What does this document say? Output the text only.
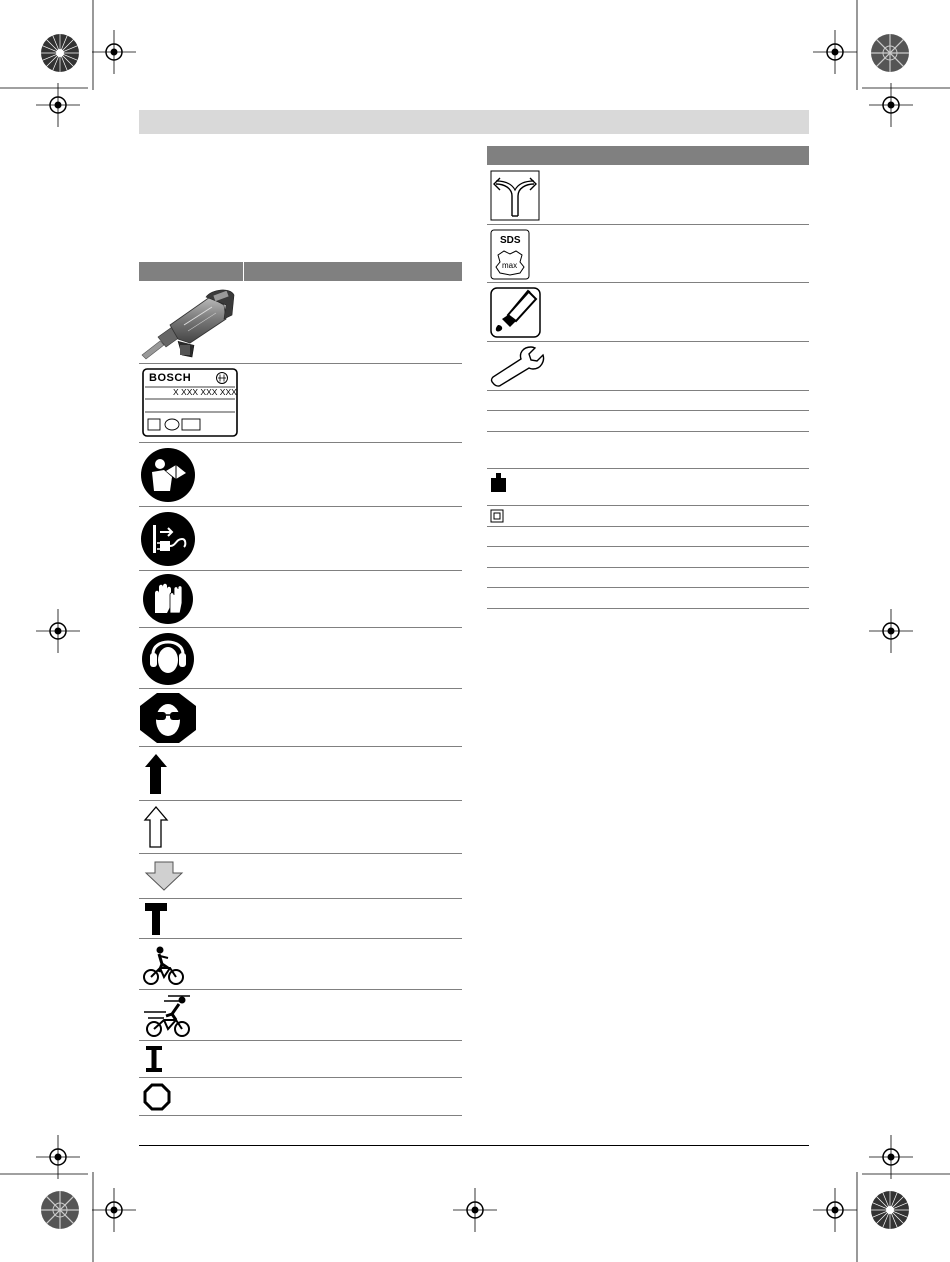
BOSCH
X XXX XXX XXX
SDS
max
